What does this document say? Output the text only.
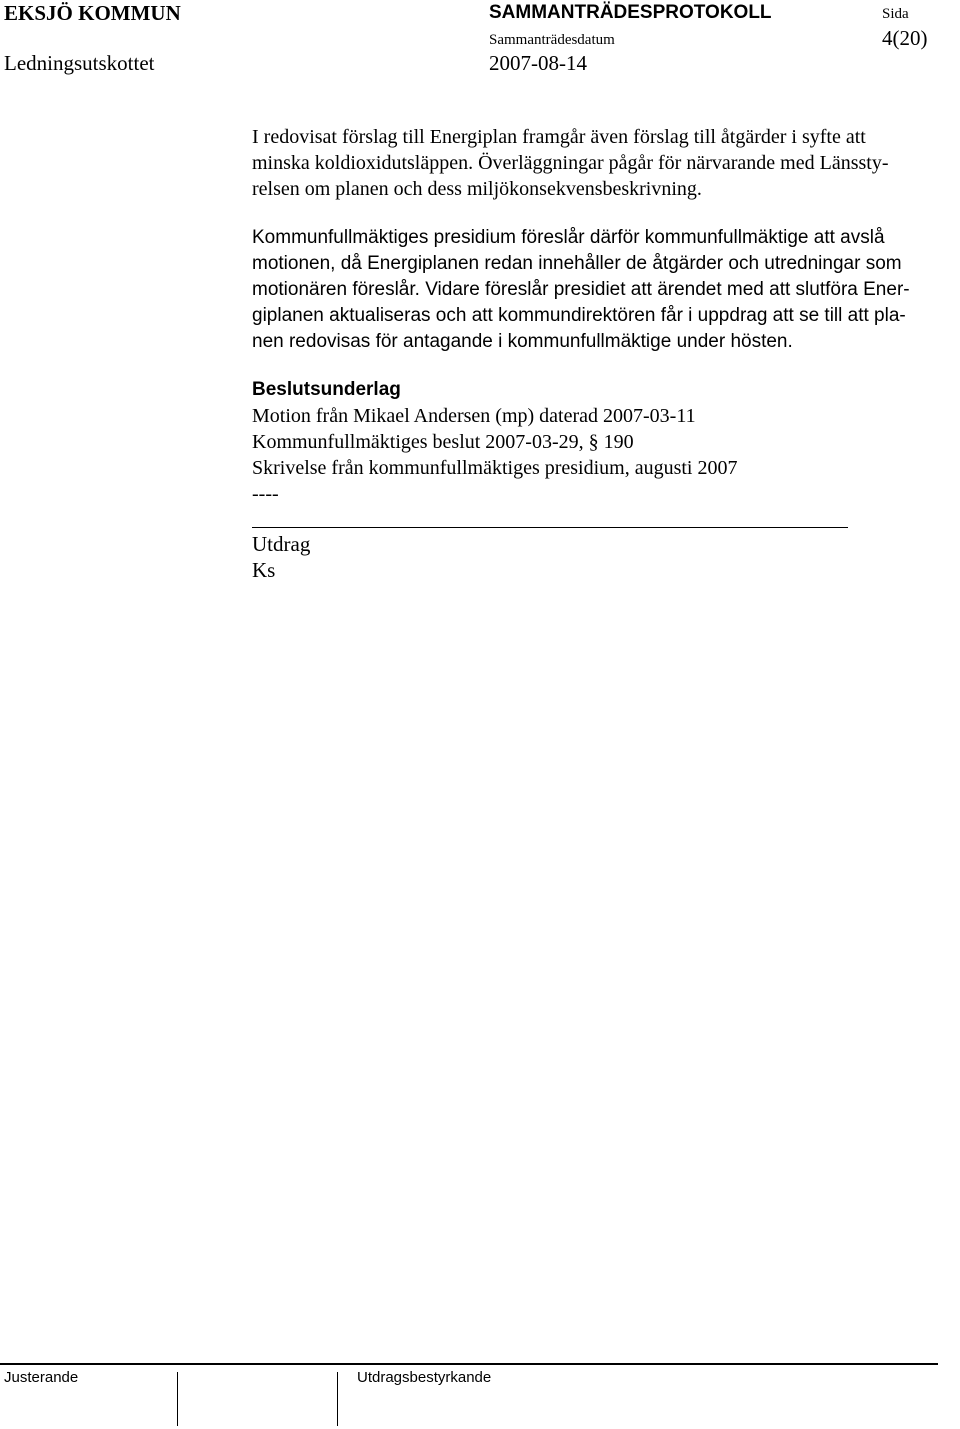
EKSJÖ KOMMUN	SAMMANTRÄDESPROTOKOLL	Sida
Ledningsutskottet
Sammanträdesdatum
2007-08-14
4(20)
I redovisat förslag till Energiplan framgår även förslag till åtgärder i syfte att
minska koldioxidutsläppen. Överläggningar pågår för närvarande med Länssty-
relsen om planen och dess miljökonsekvensbeskrivning.
Kommunfullmäktiges presidium föreslår därför kommunfullmäktige att avslå
motionen, då Energiplanen redan innehåller de åtgärder och utredningar som
motionären föreslår. Vidare föreslår presidiet att ärendet med att slutföra Ener-
giplanen aktualiseras och att kommundirektören får i uppdrag att se till att pla-
nen redovisas för antagande i kommunfullmäktige under hösten.
Beslutsunderlag
Motion från Mikael Andersen (mp) daterad 2007-03-11
Kommunfullmäktiges beslut 2007-03-29, § 190
Skrivelse från kommunfullmäktiges presidium, augusti 2007
----
Utdrag
Ks
Justerande	Utdragsbestyrkande
